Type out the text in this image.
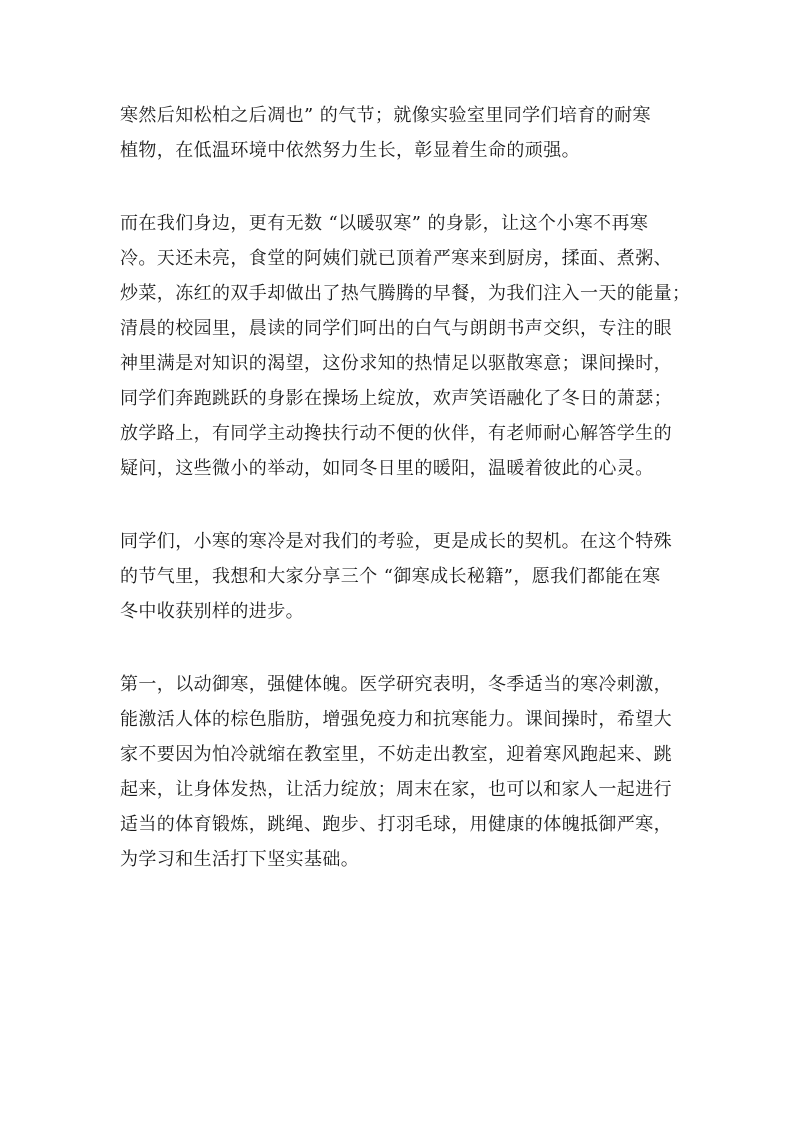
寒然后知松柏之后凋也” 的气节；就像实验室里同学们培育的耐寒
植物，在低温环境中依然努力生长，彰显着生命的顽强。

而在我们身边，更有无数 “以暖驭寒” 的身影，让这个小寒不再寒
冷。天还未亮，食堂的阿姨们就已顶着严寒来到厨房，揉面、煮粥、
炒菜，冻红的双手却做出了热气腾腾的早餐，为我们注入一天的能量；
清晨的校园里，晨读的同学们呵出的白气与朗朗书声交织，专注的眼
神里满是对知识的渴望，这份求知的热情足以驱散寒意；课间操时，
同学们奔跑跳跃的身影在操场上绽放，欢声笑语融化了冬日的萧瑟；
放学路上，有同学主动搀扶行动不便的伙伴，有老师耐心解答学生的
疑问，这些微小的举动，如同冬日里的暖阳，温暖着彼此的心灵。

同学们，小寒的寒冷是对我们的考验，更是成长的契机。在这个特殊
的节气里，我想和大家分享三个 “御寒成长秘籍”，愿我们都能在寒
冬中收获别样的进步。

第一，以动御寒，强健体魄。医学研究表明，冬季适当的寒冷刺激，
能激活人体的棕色脂肪，增强免疫力和抗寒能力。课间操时，希望大
家不要因为怕冷就缩在教室里，不妨走出教室，迎着寒风跑起来、跳
起来，让身体发热，让活力绽放；周末在家，也可以和家人一起进行
适当的体育锻炼，跳绳、跑步、打羽毛球，用健康的体魄抵御严寒，
为学习和生活打下坚实基础。
